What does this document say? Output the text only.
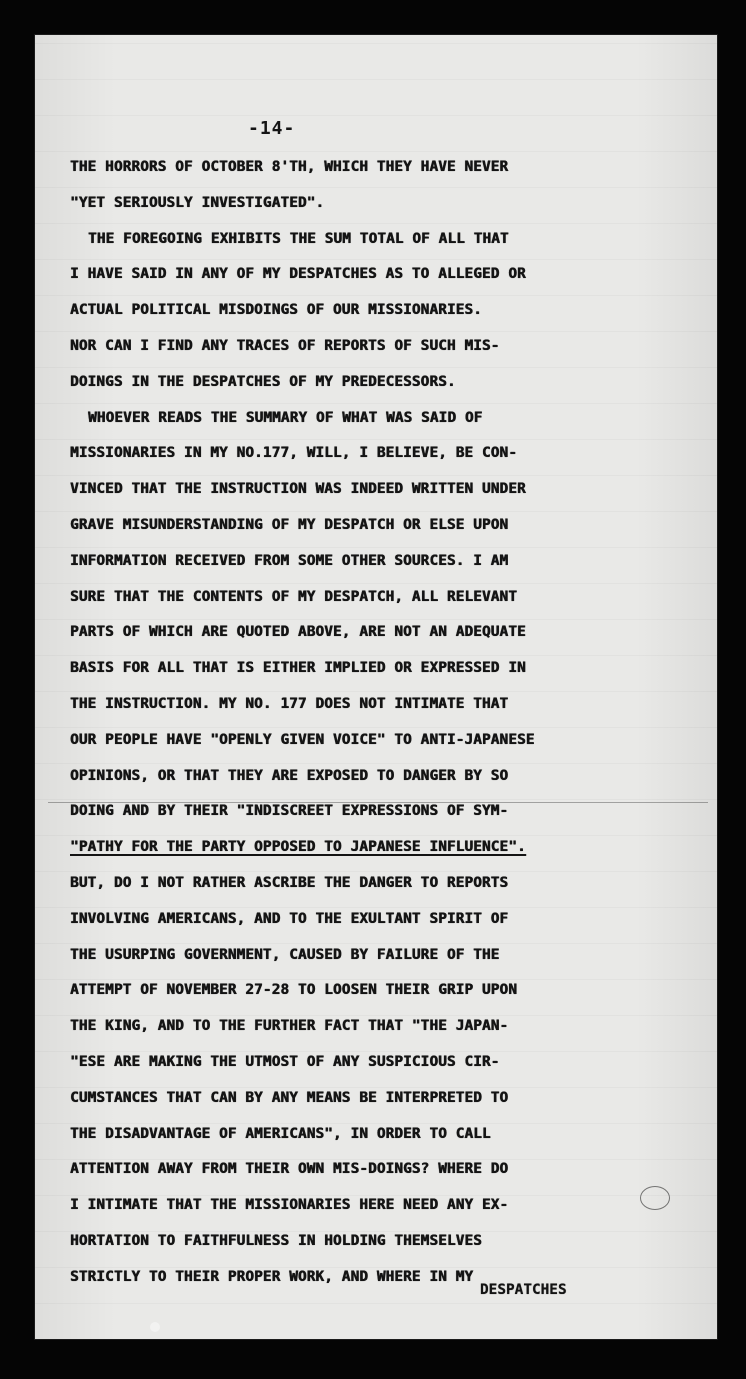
-14-
THE HORRORS OF OCTOBER 8'TH, WHICH THEY HAVE NEVER
"YET SERIOUSLY INVESTIGATED".
THE FOREGOING EXHIBITS THE SUM TOTAL OF ALL THAT
I HAVE SAID IN ANY OF MY DESPATCHES AS TO ALLEGED OR
ACTUAL POLITICAL MISDOINGS OF OUR MISSIONARIES.
NOR CAN I FIND ANY TRACES OF REPORTS OF SUCH MIS-
DOINGS IN THE DESPATCHES OF MY PREDECESSORS.
WHOEVER READS THE SUMMARY OF WHAT WAS SAID OF
MISSIONARIES IN MY NO.177, WILL, I BELIEVE, BE CON-
VINCED THAT THE INSTRUCTION WAS INDEED WRITTEN UNDER
GRAVE MISUNDERSTANDING OF MY DESPATCH OR ELSE UPON
INFORMATION RECEIVED FROM SOME OTHER SOURCES. I AM
SURE THAT THE CONTENTS OF MY DESPATCH, ALL RELEVANT
PARTS OF WHICH ARE QUOTED ABOVE, ARE NOT AN ADEQUATE
BASIS FOR ALL THAT IS EITHER IMPLIED OR EXPRESSED IN
THE INSTRUCTION. MY NO. 177 DOES NOT INTIMATE THAT
OUR PEOPLE HAVE "OPENLY GIVEN VOICE" TO ANTI-JAPANESE
OPINIONS, OR THAT THEY ARE EXPOSED TO DANGER BY SO
DOING AND BY THEIR "INDISCREET EXPRESSIONS OF SYM-
"PATHY FOR THE PARTY OPPOSED TO JAPANESE INFLUENCE".
BUT, DO I NOT RATHER ASCRIBE THE DANGER TO REPORTS
INVOLVING AMERICANS, AND TO THE EXULTANT SPIRIT OF
THE USURPING GOVERNMENT, CAUSED BY FAILURE OF THE
ATTEMPT OF NOVEMBER 27-28 TO LOOSEN THEIR GRIP UPON
THE KING, AND TO THE FURTHER FACT THAT "THE JAPAN-
"ESE ARE MAKING THE UTMOST OF ANY SUSPICIOUS CIR-
CUMSTANCES THAT CAN BY ANY MEANS BE INTERPRETED TO
THE DISADVANTAGE OF AMERICANS", IN ORDER TO CALL
ATTENTION AWAY FROM THEIR OWN MIS-DOINGS? WHERE DO
I INTIMATE THAT THE MISSIONARIES HERE NEED ANY EX-
HORTATION TO FAITHFULNESS IN HOLDING THEMSELVES
STRICTLY TO THEIR PROPER WORK, AND WHERE IN MY
DESPATCHES
